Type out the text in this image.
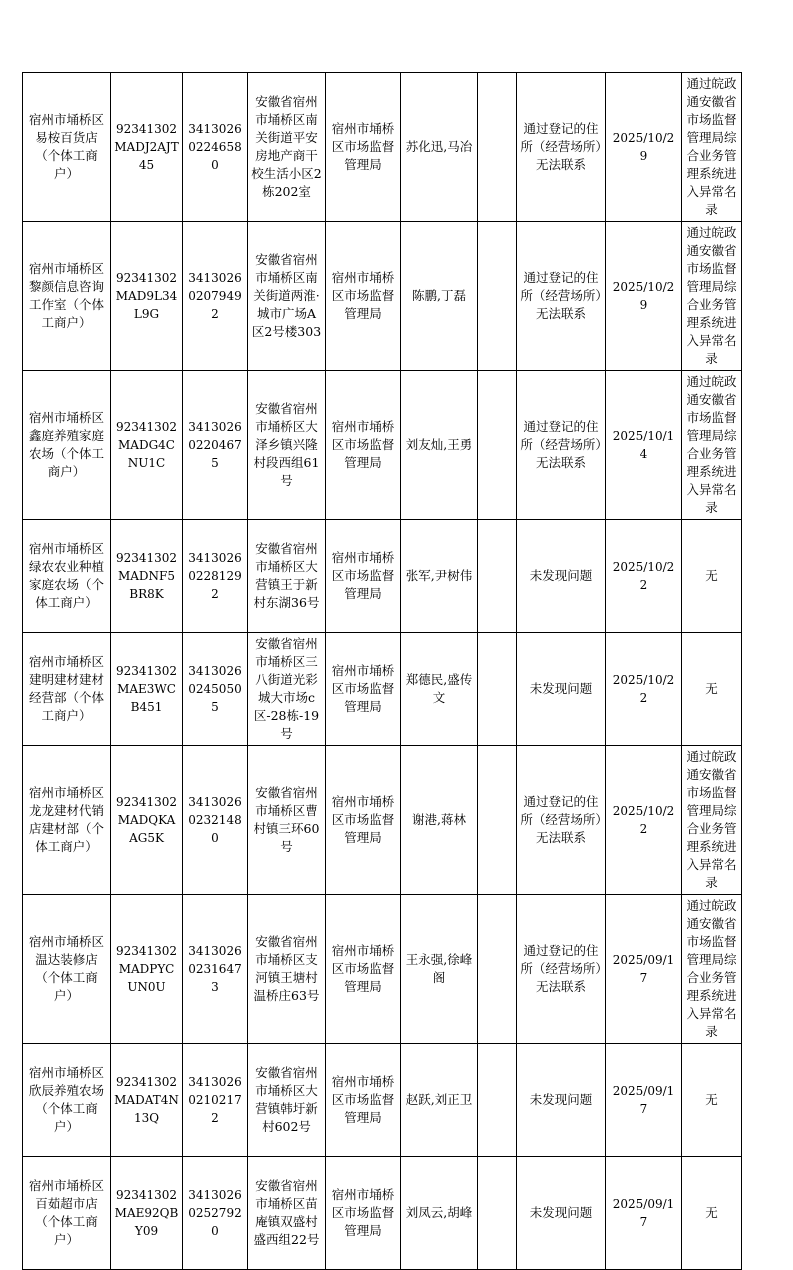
宿州市埇桥区易桉百货店（个体工商户）	92341302MADJ2AJT45	341302602246580	安徽省宿州市埇桥区南关街道平安房地产商干校生活小区2栋202室	宿州市埇桥区市场监督管理局	苏化迅,马冶		通过登记的住所（经营场所）无法联系	2025/10/29	通过皖政通安徽省市场监督管理局综合业务管理系统进入异常名录
宿州市埇桥区黎颜信息咨询工作室（个体工商户）	92341302MAD9L34L9G	341302602079492	安徽省宿州市埇桥区南关街道两淮·城市广场A区2号楼303	宿州市埇桥区市场监督管理局	陈鹏,丁磊		通过登记的住所（经营场所）无法联系	2025/10/29	通过皖政通安徽省市场监督管理局综合业务管理系统进入异常名录
宿州市埇桥区鑫庭养殖家庭农场（个体工商户）	92341302MADG4CNU1C	341302602204675	安徽省宿州市埇桥区大泽乡镇兴隆村段西组61号	宿州市埇桥区市场监督管理局	刘友灿,王勇		通过登记的住所（经营场所）无法联系	2025/10/14	通过皖政通安徽省市场监督管理局综合业务管理系统进入异常名录
宿州市埇桥区绿农农业种植家庭农场（个体工商户）	92341302MADNF5BR8K	341302602281292	安徽省宿州市埇桥区大营镇王于新村东湖36号	宿州市埇桥区市场监督管理局	张军,尹树伟		未发现问题	2025/10/22	无
宿州市埇桥区建明建材建材经营部（个体工商户）	92341302MAE3WCB451	341302602450505	安徽省宿州市埇桥区三八街道光彩城大市场c区-28栋-19号	宿州市埇桥区市场监督管理局	郑德民,盛传文		未发现问题	2025/10/22	无
宿州市埇桥区龙龙建材代销店建材部（个体工商户）	92341302MADQKAAG5K	341302602321480	安徽省宿州市埇桥区曹村镇三环60号	宿州市埇桥区市场监督管理局	谢港,蒋林		通过登记的住所（经营场所）无法联系	2025/10/22	通过皖政通安徽省市场监督管理局综合业务管理系统进入异常名录
宿州市埇桥区温达装修店（个体工商户）	92341302MADPYCUN0U	341302602316473	安徽省宿州市埇桥区支河镇王塘村温桥庄63号	宿州市埇桥区市场监督管理局	王永强,徐峰阁		通过登记的住所（经营场所）无法联系	2025/09/17	通过皖政通安徽省市场监督管理局综合业务管理系统进入异常名录
宿州市埇桥区欣辰养殖农场（个体工商户）	92341302MADAT4N13Q	341302602102172	安徽省宿州市埇桥区大营镇韩圩新村602号	宿州市埇桥区市场监督管理局	赵跃,刘正卫		未发现问题	2025/09/17	无
宿州市埇桥区百茹超市店（个体工商户）	92341302MAE92QBY09	341302602527920	安徽省宿州市埇桥区苗庵镇双盛村盛西组22号	宿州市埇桥区市场监督管理局	刘凤云,胡峰		未发现问题	2025/09/17	无
